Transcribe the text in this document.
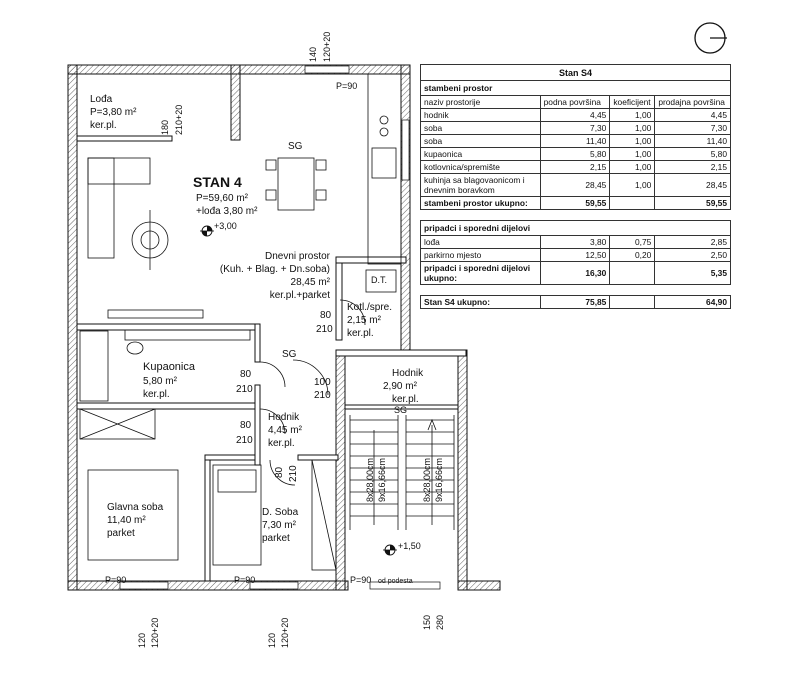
140 120+20
180 210+20
120 120+20	120 120+20	150 280
P=90
P=90	P=90	P=90 od podesta
SG
SG
SG
STAN 4
P=59,60 m²
+lođa 3,80 m²
+3,00
Lođa
P=3,80 m²
ker.pl.
Dnevni prostor
(Kuh. + Blag. + Dn.soba)
28,45 m²
ker.pl.+parket
D.T.
Kotl./spre.
2,15 m²
ker.pl.
Kupaonica
5,80 m²
ker.pl.
Hodnik
4,45 m²
ker.pl.
Hodnik
2,90 m²
ker.pl.
Glavna soba
11,40 m²
parket
D. Soba
7,30 m²
parket
80
210
80
210
100
210
80
210
80 210	8x28,00cm 9x16,66cm	8x28,00cm 9x16,66cm
+1,50
Stan S4			
stambeni prostor			
naziv prostorije	podna površina	koeficijent	prodajna površina
hodnik	4,45	1,00	4,45
soba	7,30	1,00	7,30
soba	11,40	1,00	11,40
kupaonica	5,80	1,00	5,80
kotlovnica/spremište	2,15	1,00	2,15
kuhinja sa blagovaonicom i dnevnim boravkom	28,45	1,00	28,45
stambeni prostor ukupno:	59,55		59,55

pripadci i sporedni dijelovi			
lođa	3,80	0,75	2,85
parkirno mjesto	12,50	0,20	2,50
pripadci i sporedni dijelovi ukupno:	16,30		5,35

Stan S4 ukupno:	75,85		64,90
